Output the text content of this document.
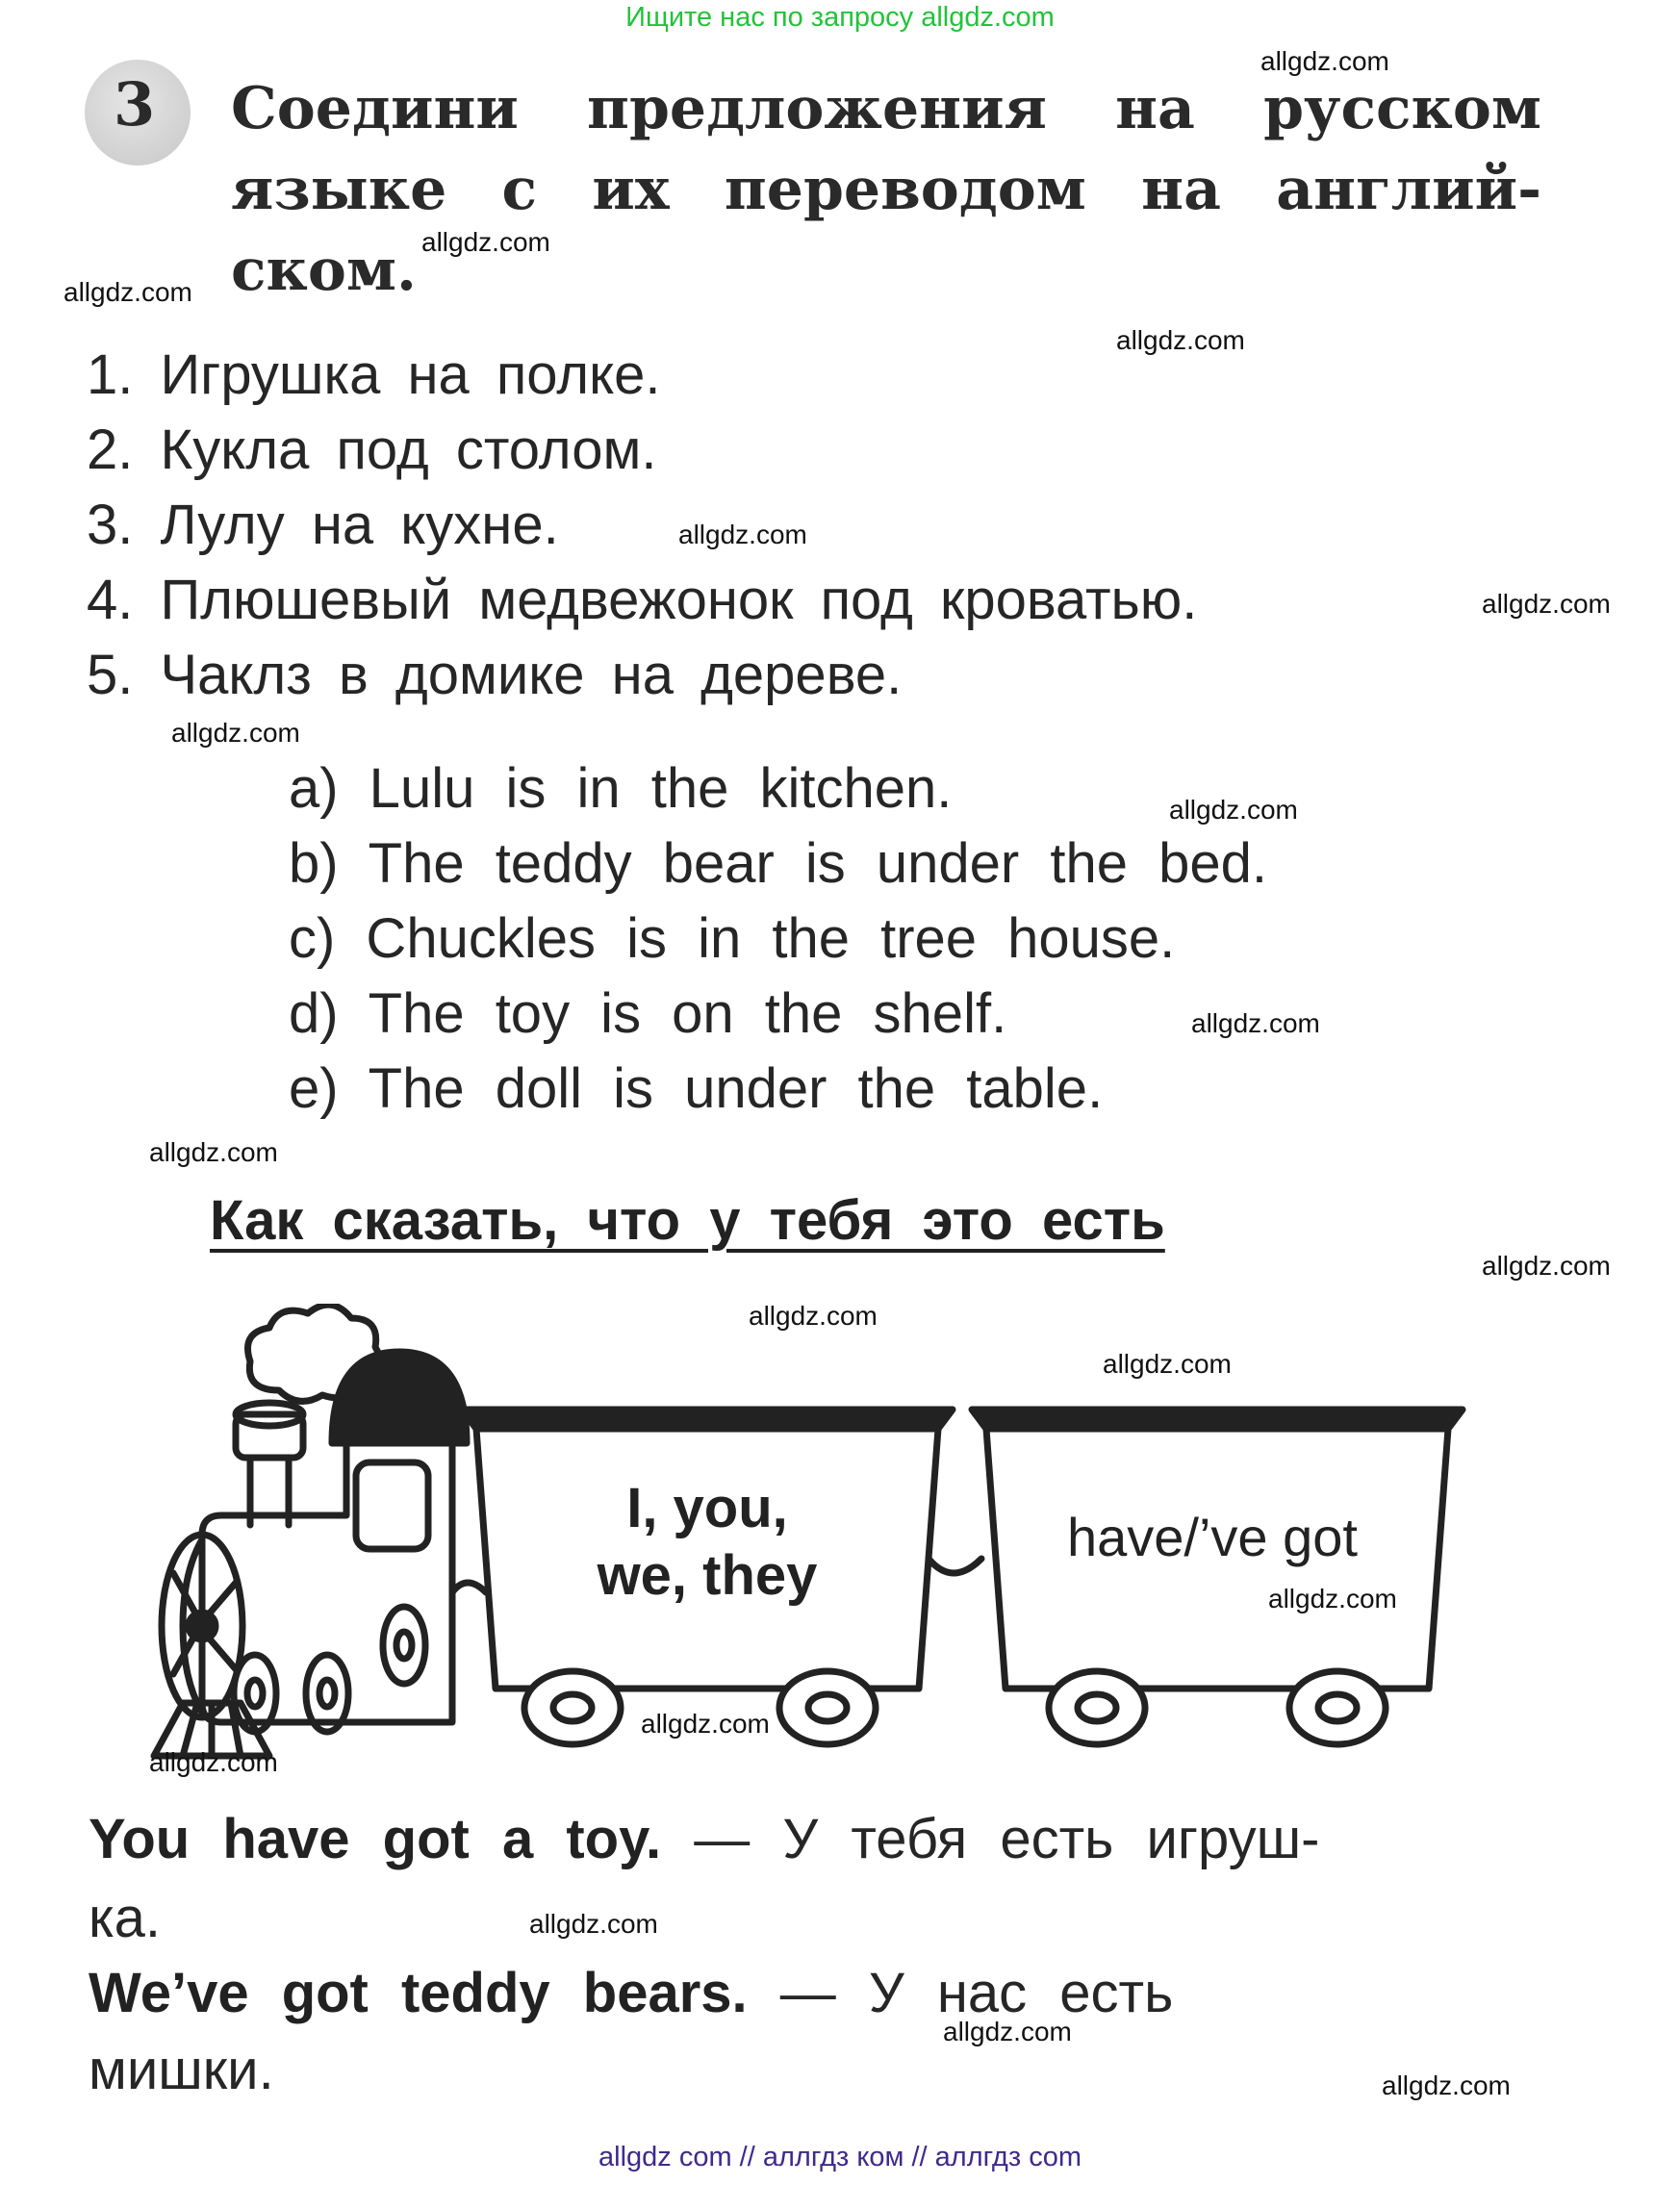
Ищите нас по запросу allgdz.com
3 Соедини предложения на русском
языке с их переводом на англий-
ском.
1. Игрушка на полке.
2. Кукла под столом.
3. Лулу на кухне.
4. Плюшевый медвежонок под кроватью.
5. Чаклз в домике на дереве.
a) Lulu is in the kitchen.
b) The teddy bear is under the bed.
c) Chuckles is in the tree house.
d) The toy is on the shelf.
e) The doll is under the table.
Как сказать, что у тебя это есть
I, you,
we, they
have/’ve got
You have got a toy. — У тебя есть игруш-
ка.
We’ve got teddy bears. — У нас есть
мишки.
allgdz.com
allgdz.com
allgdz.com
allgdz.com
allgdz.com
allgdz.com
allgdz.com
allgdz.com
allgdz.com
allgdz.com
allgdz.com
allgdz.com
allgdz.com
allgdz.com
allgdz.com
allgdz.com
allgdz.com
allgdz.com
allgdz.com
allgdz com // аллгдз ком // аллгдз com
